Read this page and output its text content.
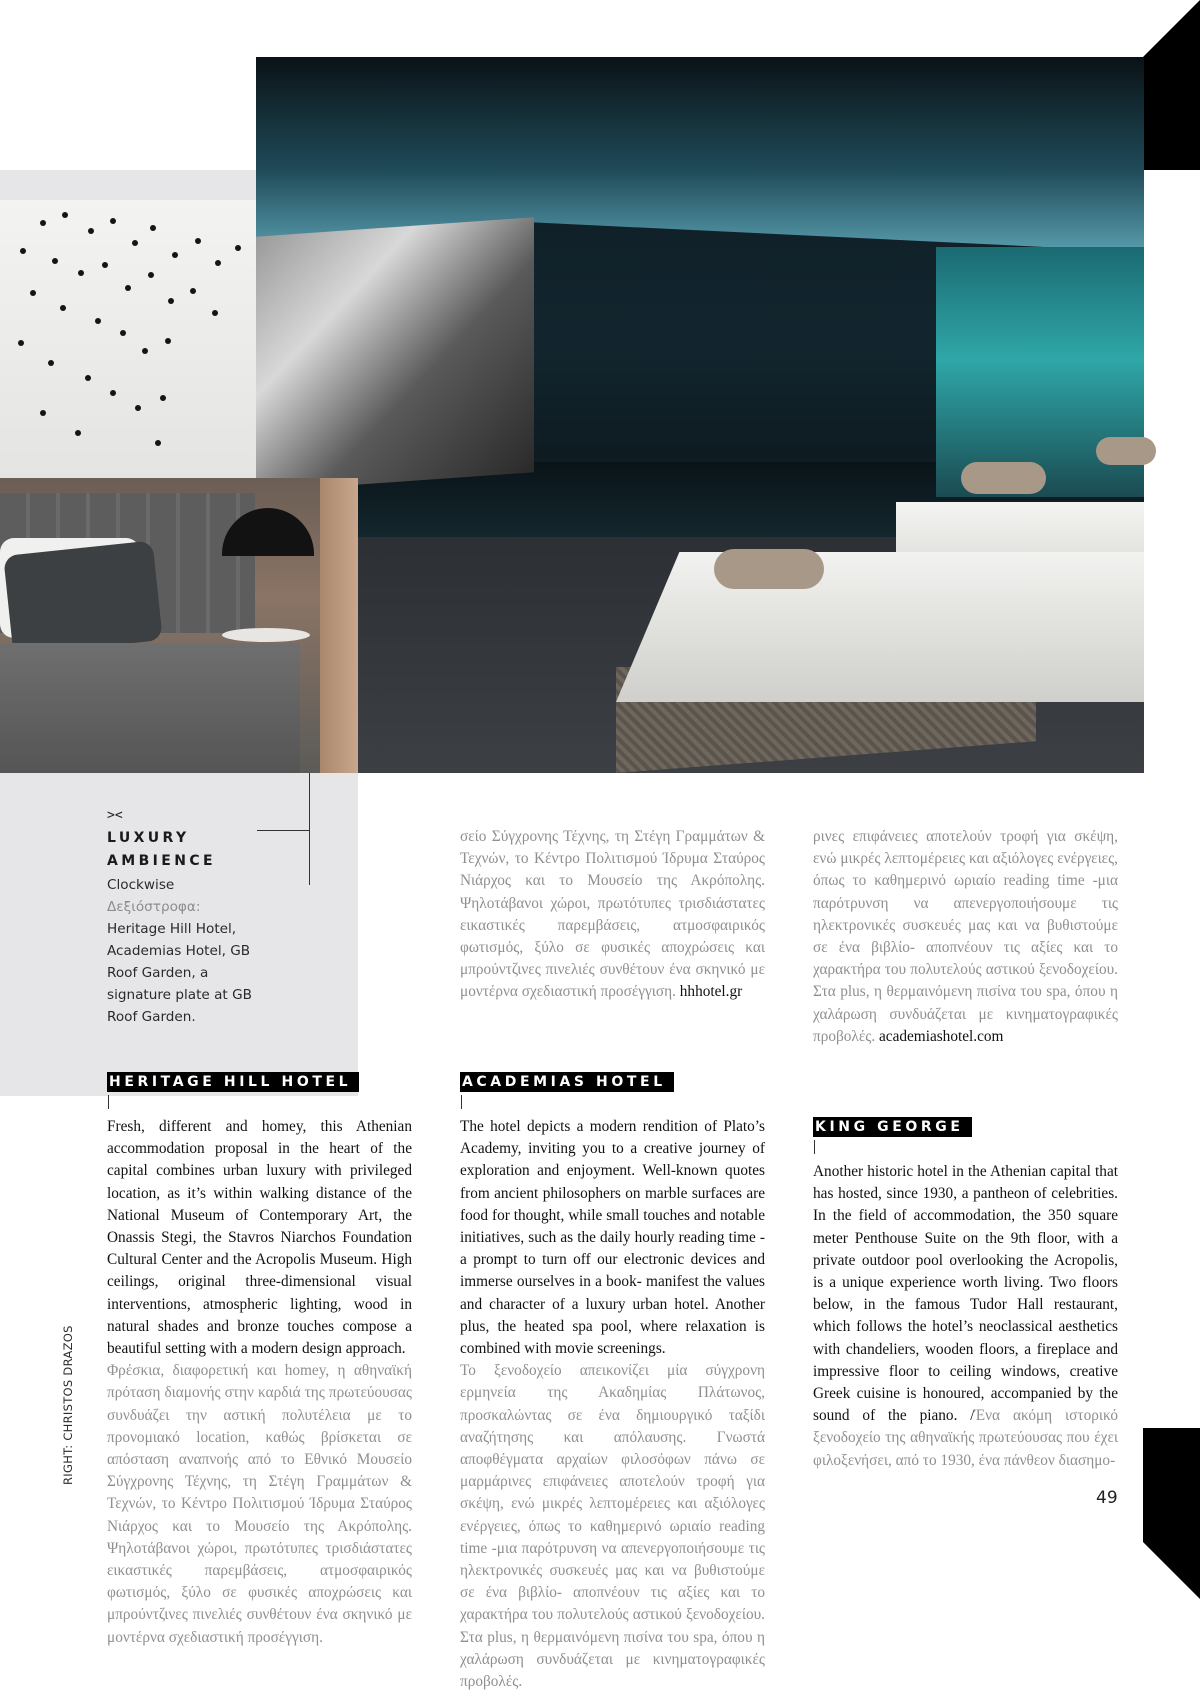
RIGHT: CHRISTOS DRAZOS
><
LUXURY
AMBIENCE
Clockwise
Δεξιόστροφα: Heritage Hill Hotel, Academias Hotel, GB Roof Garden, a signature plate at GB Roof Garden.
HERITAGE HILL HOTEL

Fresh, different and homey, this Athenian accommodation proposal in the heart of the capital combines urban luxury with privileged location, as it’s within walking distance of the National Museum of Contemporary Art, the Onassis Stegi, the Stavros Niarchos Foundation Cultural Center and the Acropolis Museum. High ceilings, original three-dimensional visual interventions, atmospheric lighting, wood in natural shades and bronze touches compose a beautiful setting with a modern design approach.

Φρέσκια, διαφορετική και homey, η αθηναϊκή πρόταση διαμονής στην καρδιά της πρωτεύουσας συνδυάζει την αστική πολυτέλεια με το προνομιακό location, καθώς βρίσκεται σε απόσταση αναπνοής από το Εθνικό Μουσείο Σύγχρονης Τέχνης, τη Στέγη Γραμμάτων & Τεχνών, το Κέντρο Πολιτισμού Ίδρυμα Σταύρος Νιάρχος και το Μουσείο της Ακρόπολης. Ψηλοτάβανοι χώροι, πρωτότυπες τρισδιάστατες εικαστικές παρεμβάσεις, ατμοσφαιρικός φωτισμός, ξύλο σε φυσικές αποχρώσεις και μπρούντζινες πινελιές συνθέτουν ένα σκηνικό με μοντέρνα σχεδιαστική προσέγγιση.

σείο Σύγχρονης Τέχνης, τη Στέγη Γραμμάτων & Τεχνών, το Κέντρο Πολιτισμού Ίδρυμα Σταύρος Νιάρχος και το Μουσείο της Ακρόπολης. Ψηλοτάβανοι χώροι, πρωτότυπες τρισδιάστατες εικαστικές παρεμβάσεις, ατμοσφαιρικός φωτισμός, ξύλο σε φυσικές αποχρώσεις και μπρούντζινες πινελιές συνθέτουν ένα σκηνικό με μοντέρνα σχεδιαστική προσέγγιση. hhhotel.gr

ACADEMIAS HOTEL

The hotel depicts a modern rendition of Plato’s Academy, inviting you to a creative journey of exploration and enjoyment. Well-known quotes from ancient philosophers on marble surfaces are food for thought, while small touches and notable initiatives, such as the daily hourly reading time -a prompt to turn off our electronic devices and immerse ourselves in a book- manifest the values and character of a luxury urban hotel. Another plus, the heated spa pool, where relaxation is combined with movie screenings.

Το ξενοδοχείο απεικονίζει μία σύγχρονη ερμηνεία της Ακαδημίας Πλάτωνος, προσκαλώντας σε ένα δημιουργικό ταξίδι αναζήτησης και απόλαυσης. Γνωστά αποφθέγματα αρχαίων φιλοσόφων πάνω σε μαρμάρινες επιφάνειες αποτελούν τροφή για σκέψη, ενώ μικρές λεπτομέρειες και αξιόλογες ενέργειες, όπως το καθημερινό ωριαίο reading time -μια παρότρυνση να απενεργοποιήσουμε τις ηλεκτρονικές συσκευές μας και να βυθιστούμε σε ένα βιβλίο- αποπνέουν τις αξίες και το χαρακτήρα του πολυτελούς αστικού ξενοδοχείου. Στα plus, η θερμαινόμενη πισίνα του spa, όπου η χαλάρωση συνδυάζεται με κινηματογραφικές προβολές.

ρινες επιφάνειες αποτελούν τροφή για σκέψη, ενώ μικρές λεπτομέρειες και αξιόλογες ενέργειες, όπως το καθημερινό ωριαίο reading time -μια παρότρυνση να απενεργοποιήσουμε τις ηλεκτρονικές συσκευές μας και να βυθιστούμε σε ένα βιβλίο- αποπνέουν τις αξίες και το χαρακτήρα του πολυτελούς αστικού ξενοδοχείου. Στα plus, η θερμαινόμενη πισίνα του spa, όπου η χαλάρωση συνδυάζεται με κινηματογραφικές προβολές. academiashotel.com

KING GEORGE

Another historic hotel in the Athenian capital that has hosted, since 1930, a pantheon of celebrities. In the field of accommodation, the 350 square meter Penthouse Suite on the 9th floor, with a private outdoor pool overlooking the Acropolis, is a unique experience worth living. Two floors below, in the famous Tudor Hall restaurant, which follows the hotel’s neoclassical aesthetics with chandeliers, wooden floors, a fireplace and impressive floor to ceiling windows, creative Greek cuisine is honoured, accompanied by the sound of the piano. /Ένα ακόμη ιστορικό ξενοδοχείο της αθηναϊκής πρωτεύουσας που έχει φιλοξενήσει, από το 1930, ένα πάνθεον διασημο-

49
